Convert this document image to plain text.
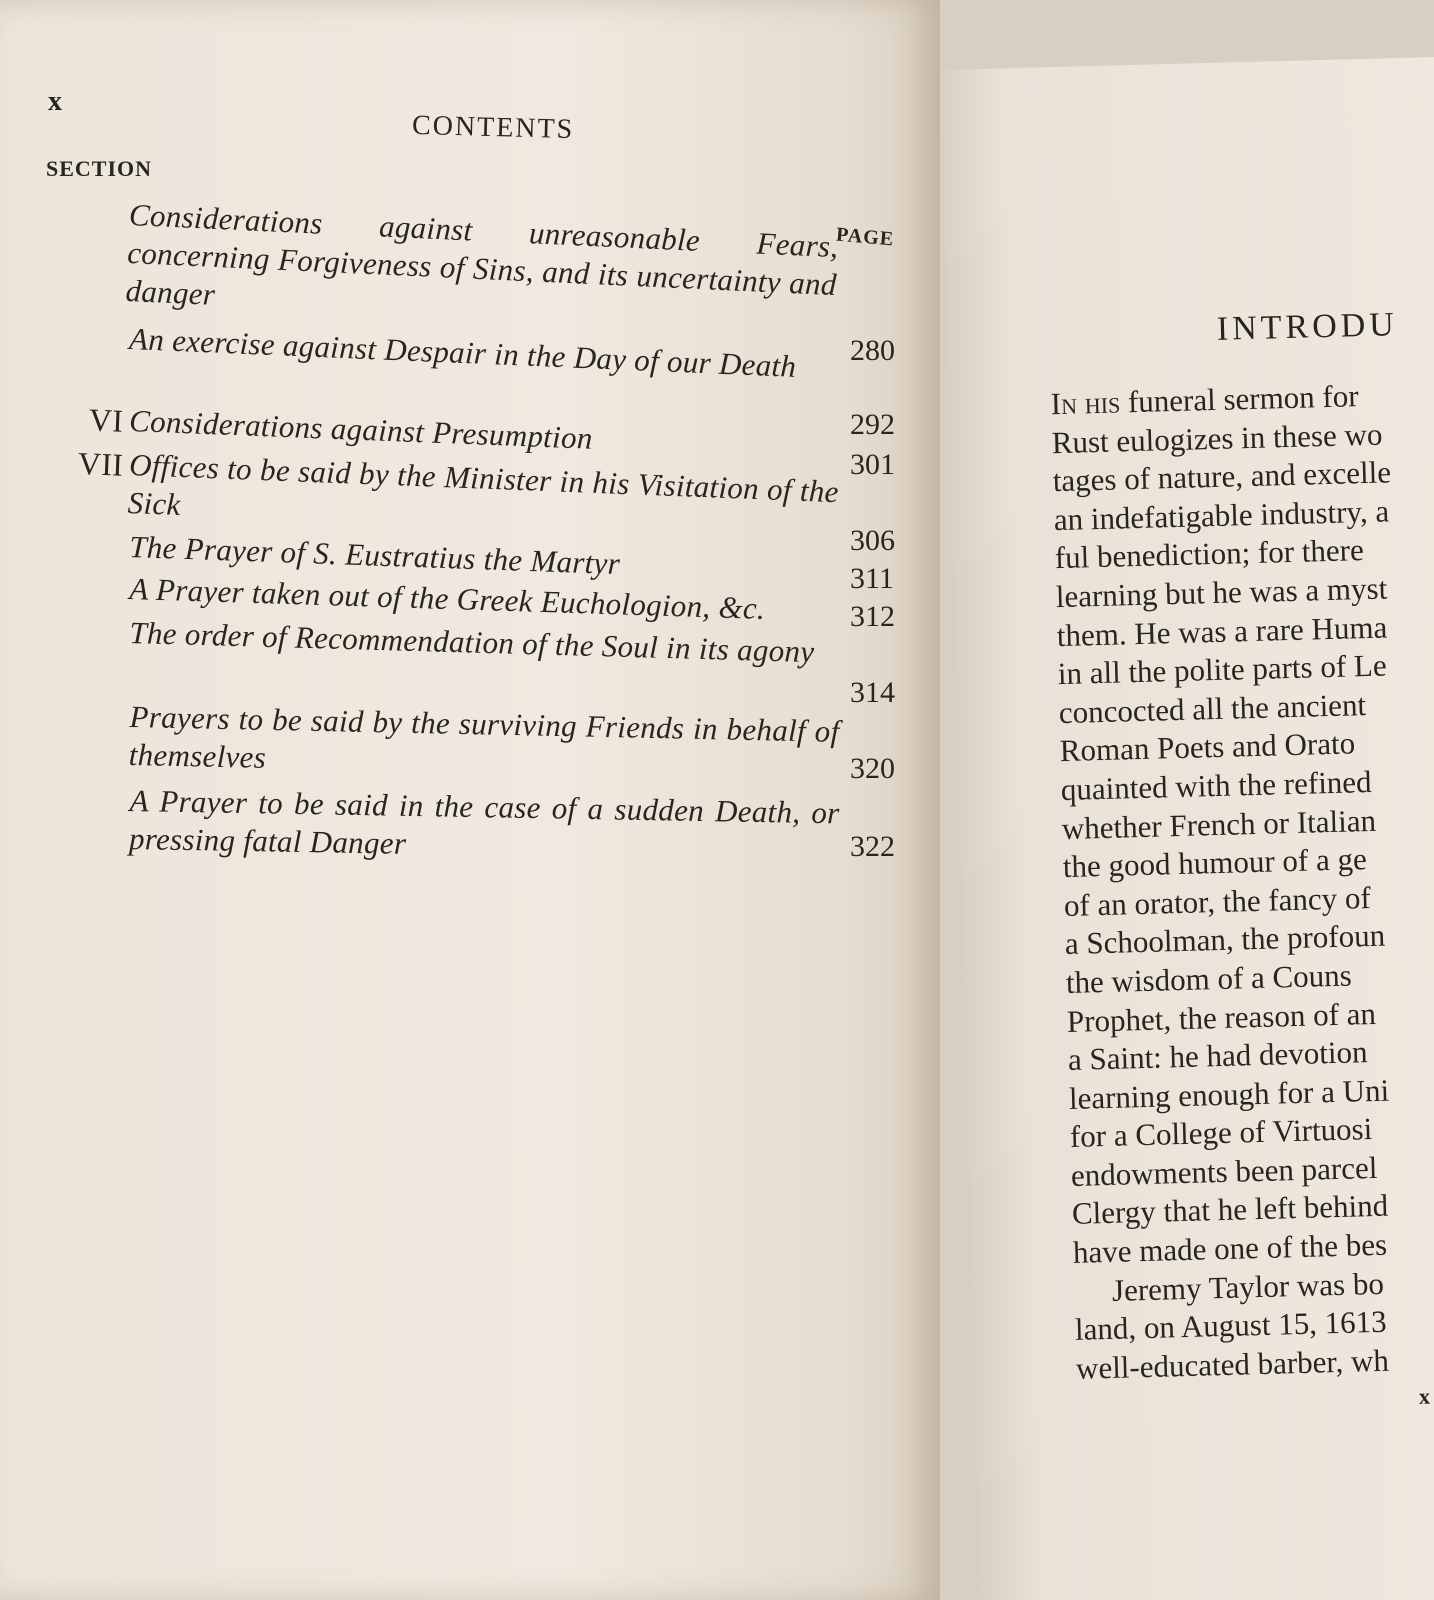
x
CONTENTS
SECTION
PAGE
Considerations against unreasonable Fears, concerning Forgiveness of Sins, and its uncertainty and danger
An exercise against Despair in the Day of our Death
VI Considerations against Presumption
VII Offices to be said by the Minister in his Visitation of the Sick
The Prayer of S. Eustratius the Martyr
A Prayer taken out of the Greek Euchologion, &c.
The order of Recommendation of the Soul in its agony
Prayers to be said by the surviving Friends in behalf of themselves
A Prayer to be said in the case of a sudden Death, or pressing fatal Danger
280
292
301
306
311
312
314
320
322
INTRODU
In his funeral sermon for
Rust eulogizes in these wo
tages of nature, and excelle
an indefatigable industry, a
ful benediction; for there
learning but he was a myst
them. He was a rare Huma
in all the polite parts of Le
concocted all the ancient
Roman Poets and Orato
quainted with the refined
whether French or Italian
the good humour of a ge
of an orator, the fancy of
a Schoolman, the profoun
the wisdom of a Couns
Prophet, the reason of an
a Saint: he had devotion
learning enough for a Uni
for a College of Virtuosi
endowments been parcel
Clergy that he left behind
have made one of the bes
Jeremy Taylor was bo
land, on August 15, 1613
well-educated barber, wh
x
